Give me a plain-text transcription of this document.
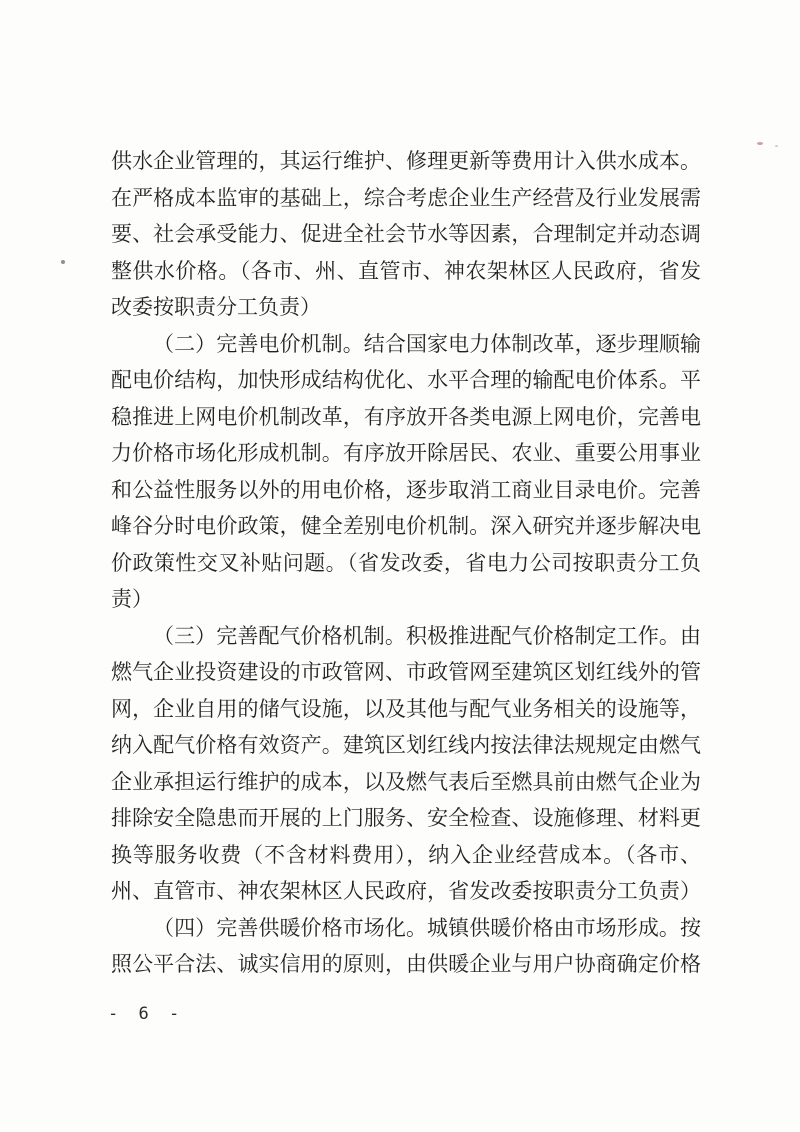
供水企业管理的，其运行维护、修理更新等费用计入供水成本。
在严格成本监审的基础上，综合考虑企业生产经营及行业发展需
要、社会承受能力、促进全社会节水等因素，合理制定并动态调
整供水价格。（各市、州、直管市、神农架林区人民政府，省发
改委按职责分工负责）
（二）完善电价机制。结合国家电力体制改革，逐步理顺输
配电价结构，加快形成结构优化、水平合理的输配电价体系。平
稳推进上网电价机制改革，有序放开各类电源上网电价，完善电
力价格市场化形成机制。有序放开除居民、农业、重要公用事业
和公益性服务以外的用电价格，逐步取消工商业目录电价。完善
峰谷分时电价政策，健全差别电价机制。深入研究并逐步解决电
价政策性交叉补贴问题。（省发改委，省电力公司按职责分工负
责）
（三）完善配气价格机制。积极推进配气价格制定工作。由
燃气企业投资建设的市政管网、市政管网至建筑区划红线外的管
网，企业自用的储气设施，以及其他与配气业务相关的设施等，
纳入配气价格有效资产。建筑区划红线内按法律法规规定由燃气
企业承担运行维护的成本，以及燃气表后至燃具前由燃气企业为
排除安全隐患而开展的上门服务、安全检查、设施修理、材料更
换等服务收费（不含材料费用），纳入企业经营成本。（各市、
州、直管市、神农架林区人民政府，省发改委按职责分工负责）
（四）完善供暖价格市场化。城镇供暖价格由市场形成。按
照公平合法、诚实信用的原则，由供暖企业与用户协商确定价格
- 6 -
